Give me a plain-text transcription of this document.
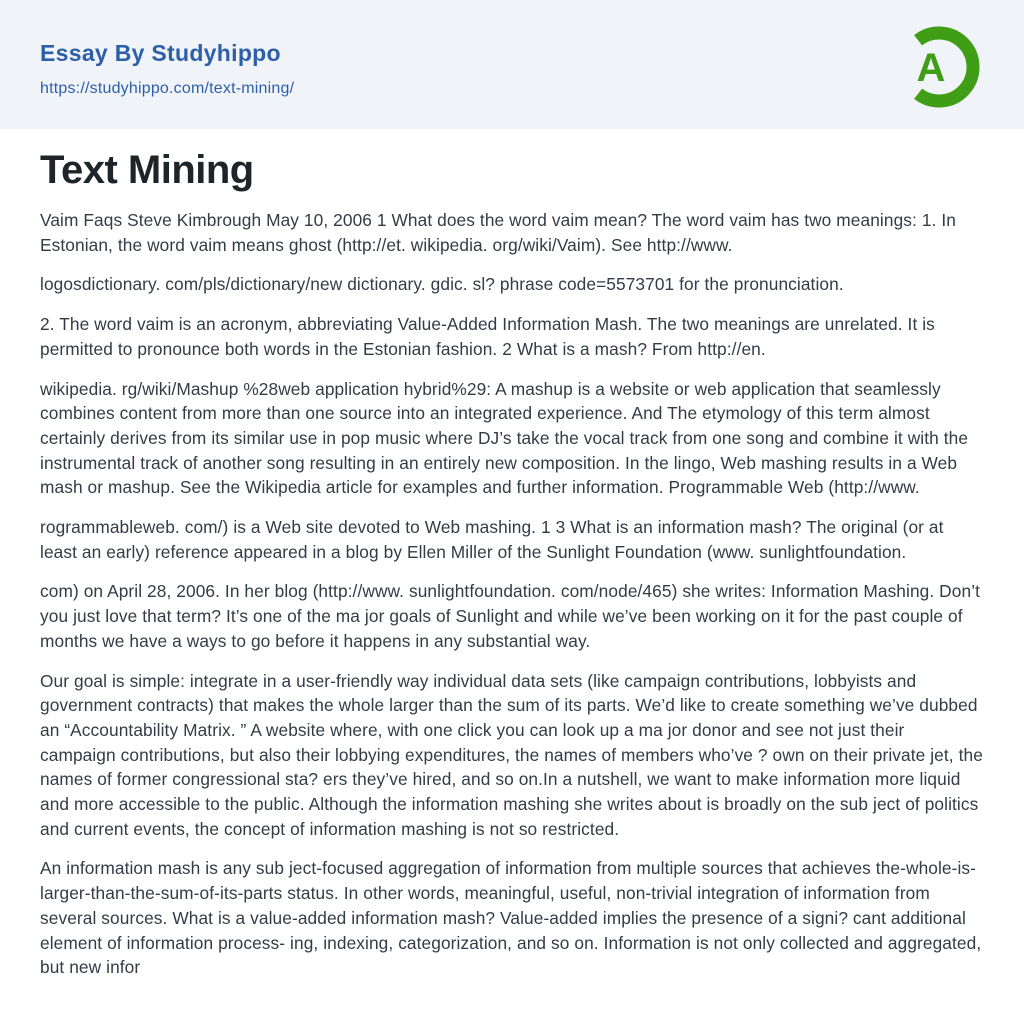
Essay By Studyhippo
https://studyhippo.com/text-mining/	A
Text Mining

Vaim Faqs Steve Kimbrough May 10, 2006 1 What does the word vaim mean? The word vaim has two meanings: 1. In Estonian, the word vaim means ghost (http://et. wikipedia. org/wiki/Vaim). See http://www.

logosdictionary. com/pls/dictionary/new dictionary. gdic. sl? phrase code=5573701 for the pronunciation.

2. The word vaim is an acronym, abbreviating Value-Added Information Mash. The two meanings are unrelated. It is permitted to pronounce both words in the Estonian fashion. 2 What is a mash? From http://en.

wikipedia. rg/wiki/Mashup %28web application hybrid%29: A mashup is a website or web application that seamlessly combines content from more than one source into an integrated experience. And The etymology of this term almost certainly derives from its similar use in pop music where DJ’s take the vocal track from one song and combine it with the instrumental track of another song resulting in an entirely new composition. In the lingo, Web mashing results in a Web mash or mashup. See the Wikipedia article for examples and further information. Programmable Web (http://www.

rogrammableweb. com/) is a Web site devoted to Web mashing. 1 3 What is an information mash? The original (or at least an early) reference appeared in a blog by Ellen Miller of the Sunlight Foundation (www. sunlightfoundation.

com) on April 28, 2006. In her blog (http://www. sunlightfoundation. com/node/465) she writes: Information Mashing. Don’t you just love that term? It’s one of the ma jor goals of Sunlight and while we’ve been working on it for the past couple of months we have a ways to go before it happens in any substantial way.

Our goal is simple: integrate in a user-friendly way individual data sets (like campaign contributions, lobbyists and government contracts) that makes the whole larger than the sum of its parts. We’d like to create something we’ve dubbed an “Accountability Matrix. ” A website where, with one click you can look up a ma jor donor and see not just their campaign contributions, but also their lobbying expenditures, the names of members who’ve ? own on their private jet, the names of former congressional sta? ers they’ve hired, and so on.In a nutshell, we want to make information more liquid and more accessible to the public. Although the information mashing she writes about is broadly on the sub ject of politics and current events, the concept of information mashing is not so restricted.

An information mash is any sub ject-focused aggregation of information from multiple sources that achieves the-whole-is-larger-than-the-sum-of-its-parts status. In other words, meaningful, useful, non-trivial integration of information from several sources. What is a value-added information mash? Value-added implies the presence of a signi? cant additional element of information process- ing, indexing, categorization, and so on. Information is not only collected and aggregated, but new infor
